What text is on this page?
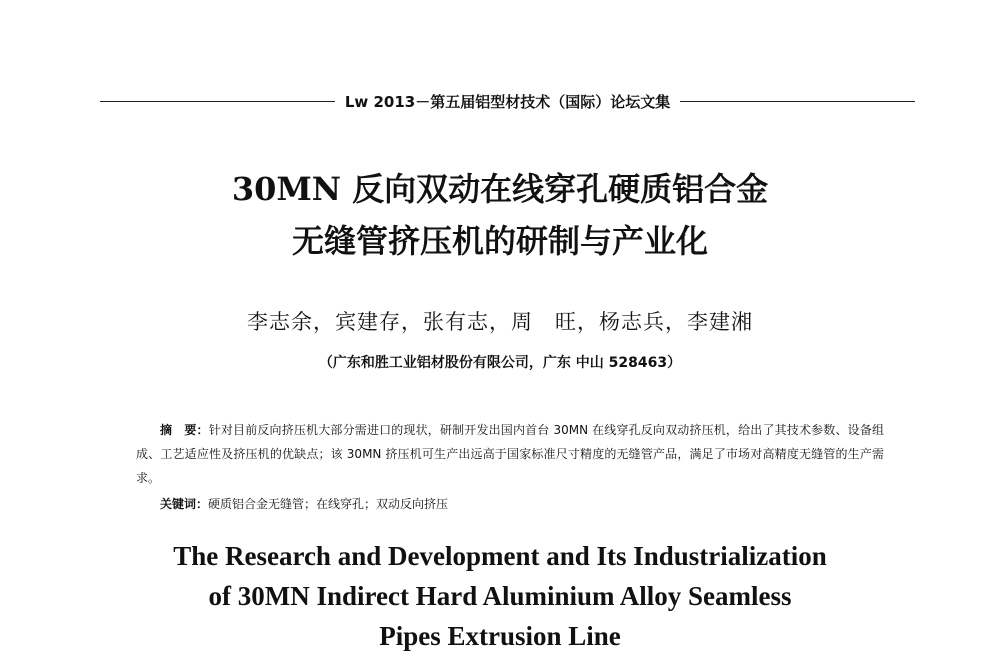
Lw 2013－第五届铝型材技术（国际）论坛文集
30MN 反向双动在线穿孔硬质铝合金
无缝管挤压机的研制与产业化
李志余，宾建存，张有志，周　旺，杨志兵，李建湘
（广东和胜工业铝材股份有限公司，广东 中山 528463）
摘　要：针对目前反向挤压机大部分需进口的现状，研制开发出国内首台 30MN 在线穿孔反向双动挤压机，给出了其技术参数、设备组成、工艺适应性及挤压机的优缺点；该 30MN 挤压机可生产出远高于国家标准尺寸精度的无缝管产品，满足了市场对高精度无缝管的生产需求。
关键词：硬质铝合金无缝管；在线穿孔；双动反向挤压
The Research and Development and Its Industrialization
of 30MN Indirect Hard Aluminium Alloy Seamless
Pipes Extrusion Line
